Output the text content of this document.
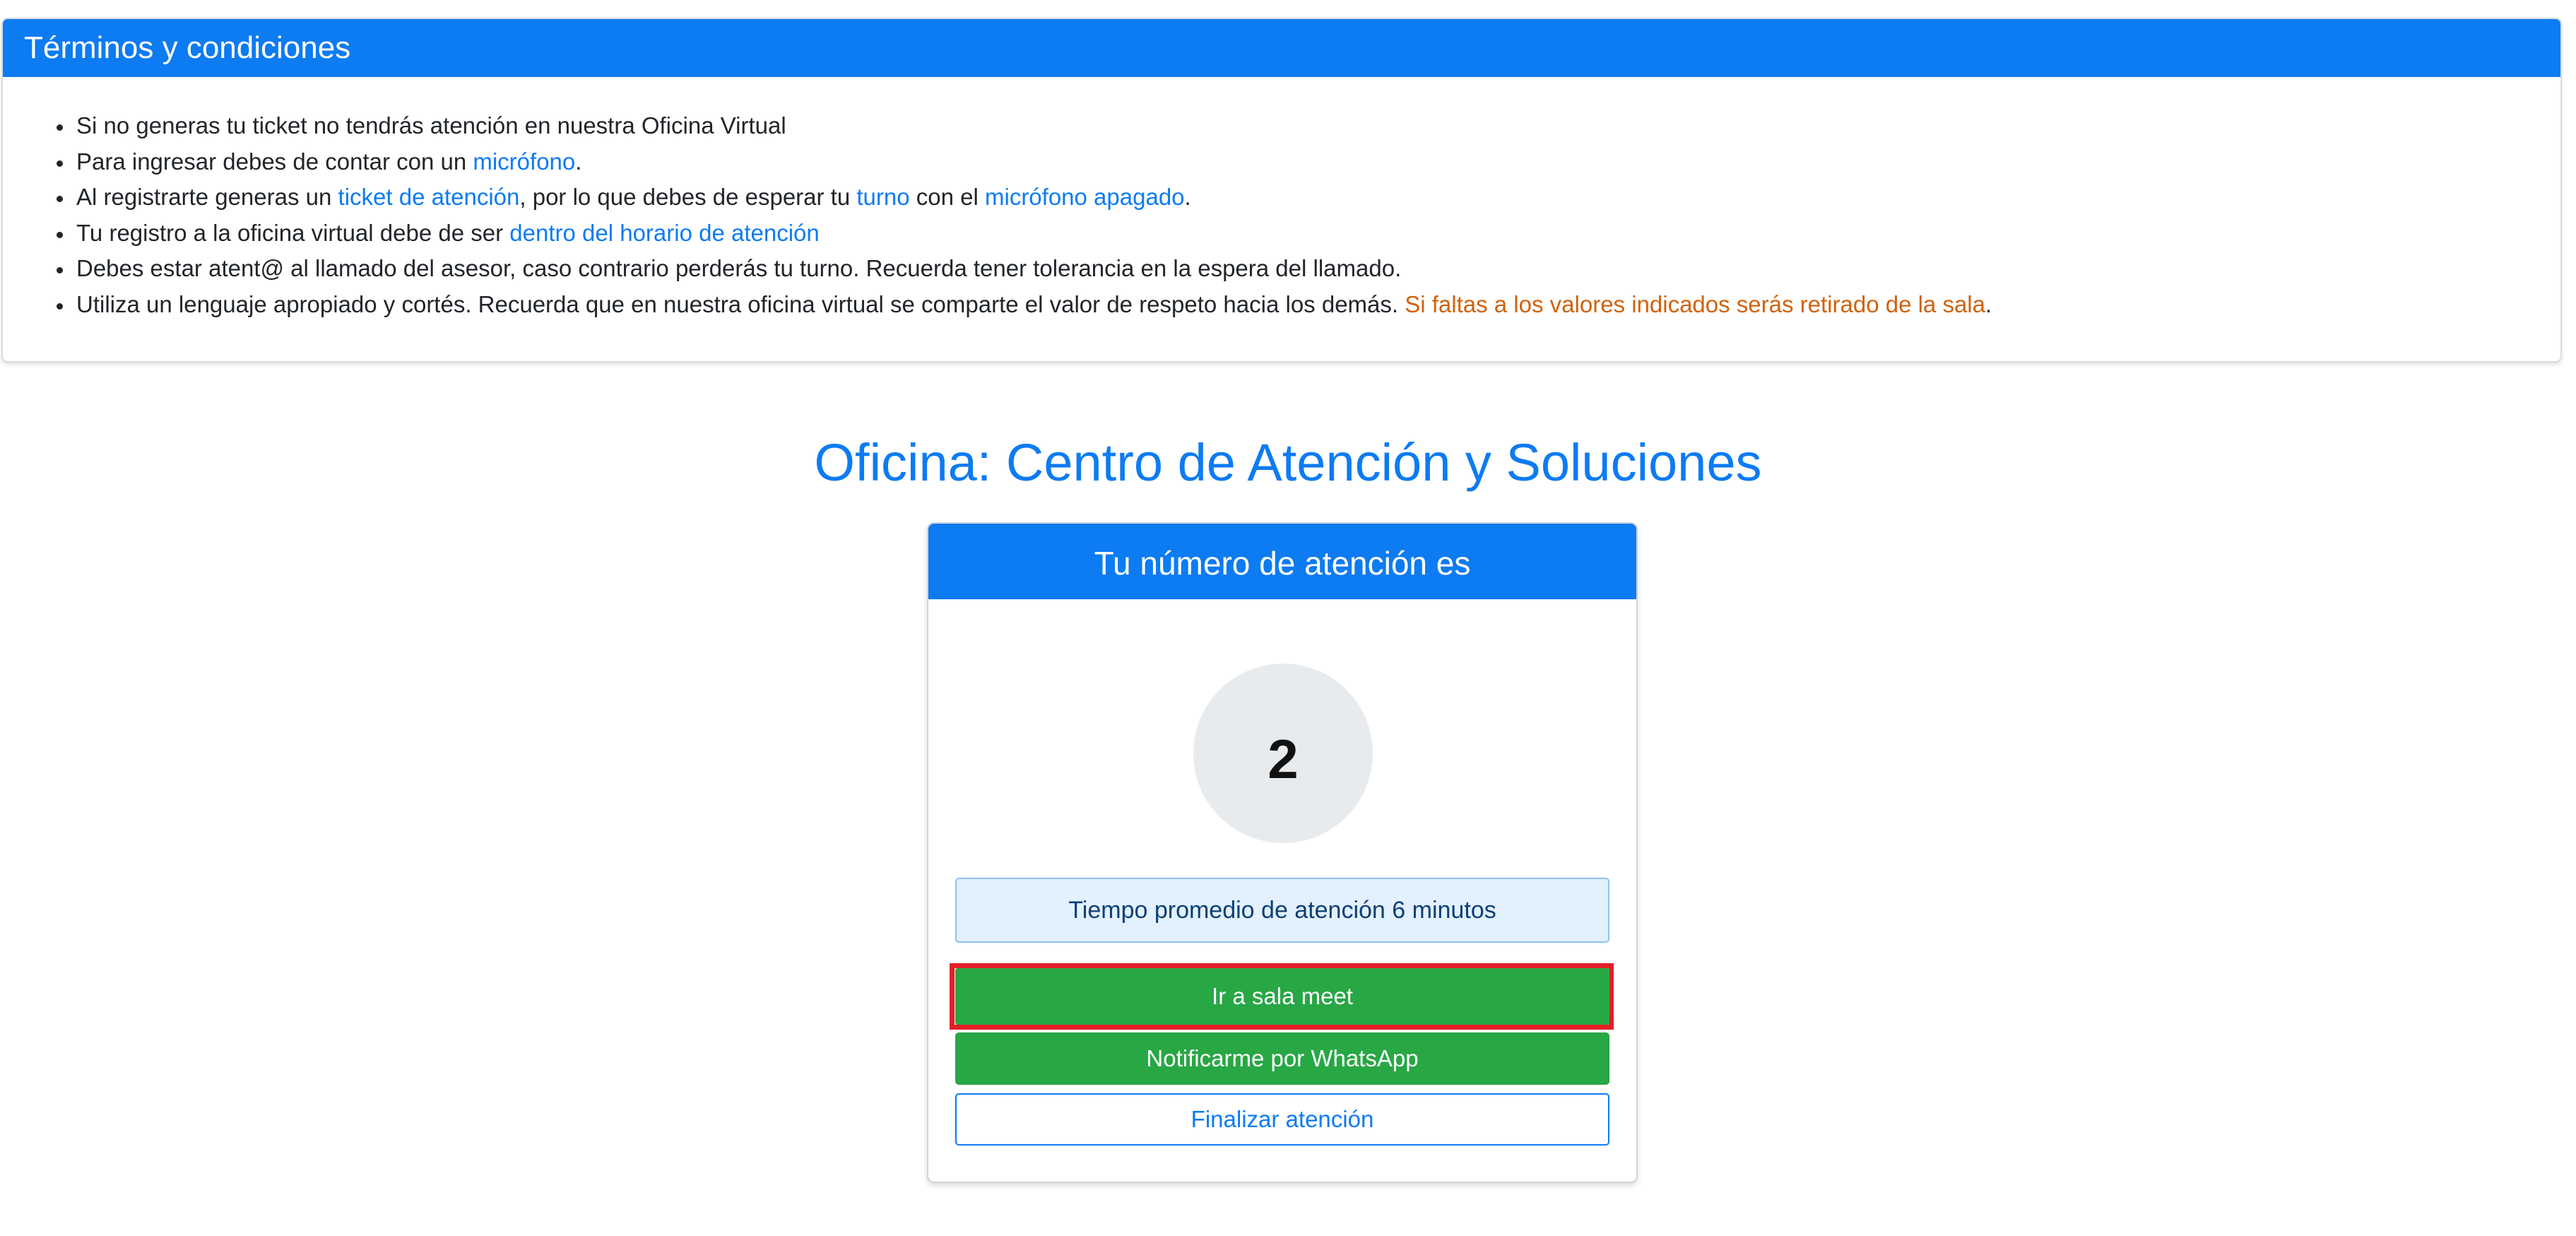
Términos y condiciones
• Si no generas tu ticket no tendrás atención en nuestra Oficina Virtual
• Para ingresar debes de contar con un micrófono.
• Al registrarte generas un ticket de atención, por lo que debes de esperar tu turno con el micrófono apagado.
• Tu registro a la oficina virtual debe de ser dentro del horario de atención
• Debes estar atent@ al llamado del asesor, caso contrario perderás tu turno. Recuerda tener tolerancia en la espera del llamado.
• Utiliza un lenguaje apropiado y cortés. Recuerda que en nuestra oficina virtual se comparte el valor de respeto hacia los demás. Si faltas a los valores indicados serás retirado de la sala.
Oficina: Centro de Atención y Soluciones
Tu número de atención es
2
Tiempo promedio de atención 6 minutos
Ir a sala meet
Notificarme por WhatsApp
Finalizar atención
